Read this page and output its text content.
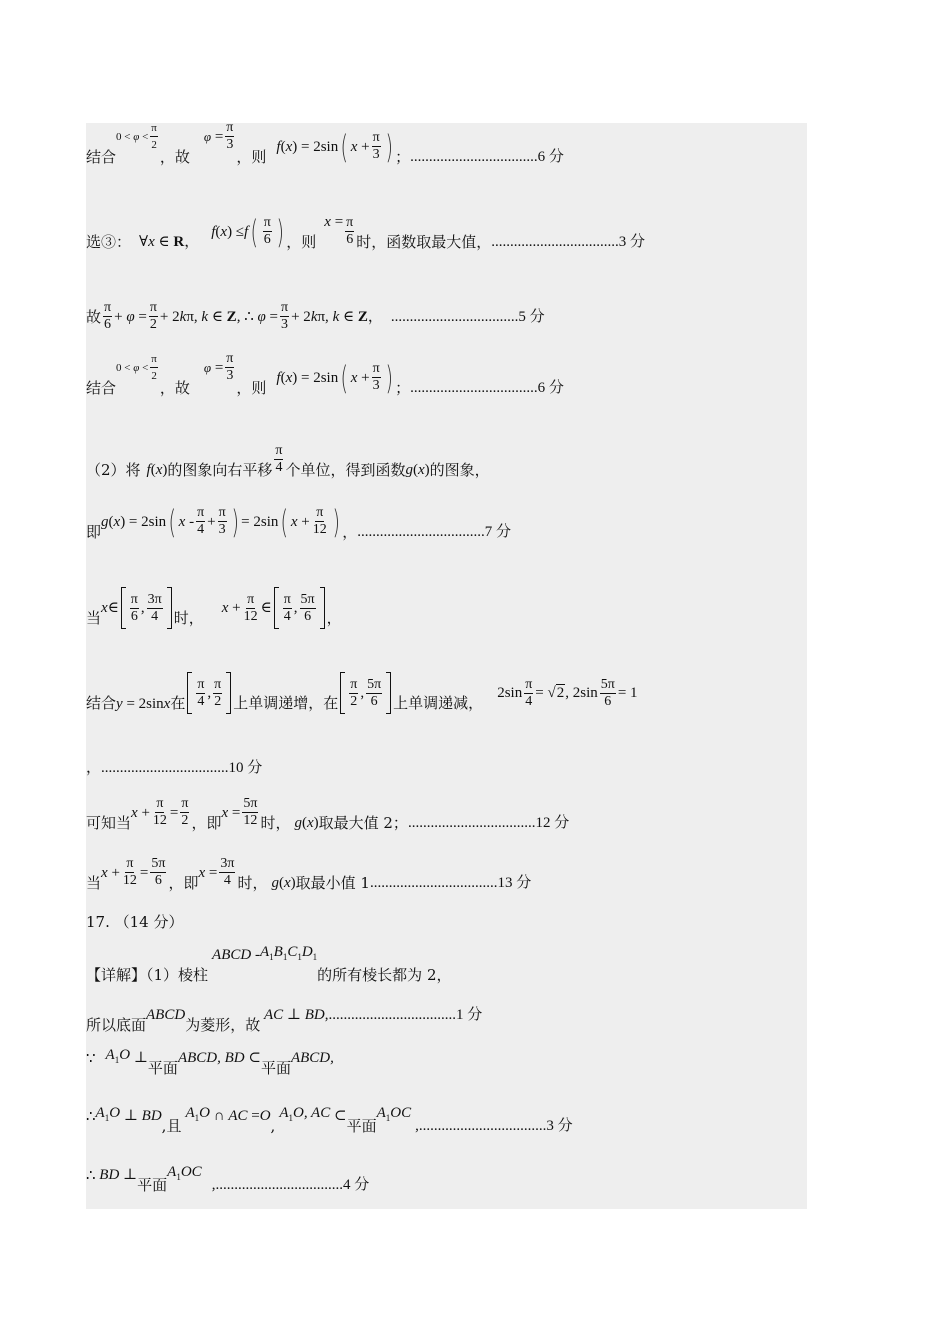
结合
$0 < \varphi < \frac{\pi}{2}$
，故
$\varphi = \frac{\pi}{3}$
，则
f ( x ) = 2sin ( $x + \frac{\pi}{3}$ ) ； ..................................6 分
选③： ∀x ∈ R，
f ( x ) ≤ f ( $\frac{\pi}{6}$ ) ，则
$x = \frac{\pi}{6}$ 时，函数取最大值， ..................................3 分
故 $\frac{\pi}{6} + \varphi = \frac{\pi}{2} + 2k\pi$, k ∈ Z, ∴ $\varphi = \frac{\pi}{3} + 2k\pi$, k ∈ Z， ..................................5 分
结合
$0 < \varphi < \frac{\pi}{2}$
，故
$\varphi = \frac{\pi}{3}$
，则
f ( x ) = 2sin ( $x + \frac{\pi}{3}$ ) ； ..................................6 分
（2）将 f ( x ) 的图象向右平移 $\frac{\pi}{4}$ 个单位，得到函数 g ( x ) 的图象，
即
g ( x ) = 2sin ( $x - \frac{\pi}{4} + \frac{\pi}{3}$ ) = 2sin ( $x + \frac{\pi}{12}$ ) ， ..................................7 分
当
x ∈ $\frac{\pi}{6}$ , $\frac{3\pi}{4}$ 时，
$x + \frac{\pi}{12}$ ∈ $\frac{\pi}{4}$ , $\frac{5\pi}{6}$ ，
结合 y = 2sinx 在 $\frac{\pi}{4}$ , $\frac{\pi}{2}$ 上单调递增，在 $\frac{\pi}{2}$ , $\frac{5\pi}{6}$ 上单调递减，
$2\sin \frac{\pi}{4} = √2$, $2\sin \frac{5\pi}{6} = 1$
，..................................10 分
可知当
$x + \frac{\pi}{12} = \frac{\pi}{2}$ ，即
$x = \frac{5\pi}{12}$ 时， g ( x ) 取最大值 2； ..................................12 分
当
$x + \frac{\pi}{12} = \frac{5\pi}{6}$ ，即
$x = \frac{3\pi}{4}$ 时， g ( x ) 取最小值 1 ..................................13 分
17. （14 分）
【详解】（1）棱柱
ABCD - $A_1B_1C_1D_1$
的所有棱长都为 2，
所以底面
ABCD
为菱形，故
AC ⊥ BD , ..................................1 分
∵ $A_1O$ ⊥
平面
ABCD, BD ⊂
平面
ABCD,
∴ $A_1O$ ⊥ BD
,且
$A_1O$ ∩ AC = O
,
$A_1O$, AC ⊂
平面
$A_1OC$
, ..................................3 分
∴ BD ⊥
平面
$A_1OC$
, ..................................4 分
